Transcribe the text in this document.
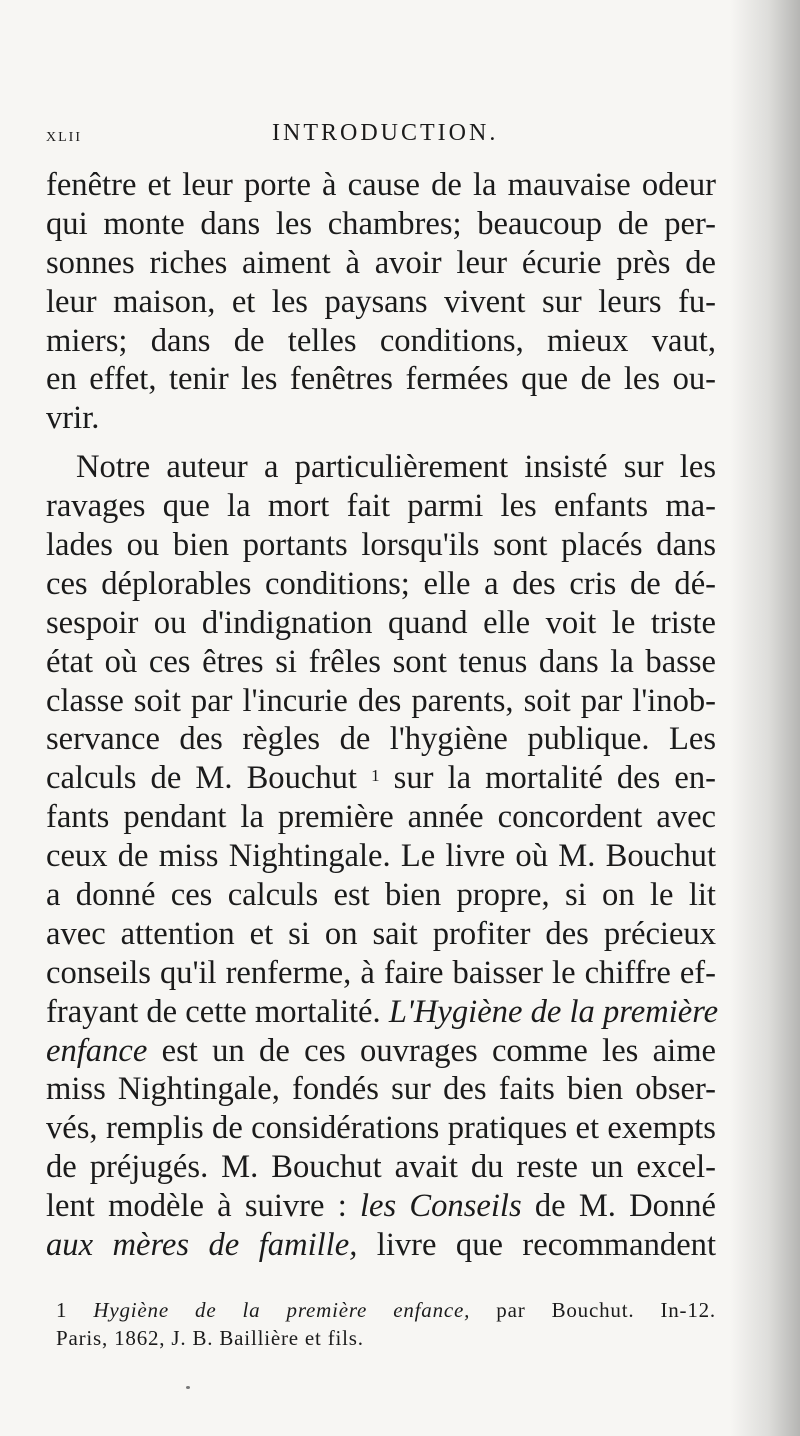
xlii	INTRODUCTION.
fenêtre et leur porte à cause de la mauvaise odeur
qui monte dans les chambres; beaucoup de per-
sonnes riches aiment à avoir leur écurie près de
leur maison, et les paysans vivent sur leurs fu-
miers; dans de telles conditions, mieux vaut,
en effet, tenir les fenêtres fermées que de les ou-
vrir.
Notre auteur a particulièrement insisté sur les
ravages que la mort fait parmi les enfants ma-
lades ou bien portants lorsqu'ils sont placés dans
ces déplorables conditions; elle a des cris de dé-
sespoir ou d'indignation quand elle voit le triste
état où ces êtres si frêles sont tenus dans la basse
classe soit par l'incurie des parents, soit par l'inob-
servance des règles de l'hygiène publique. Les
calculs de M. Bouchut $^1$ sur la mortalité des en-
fants pendant la première année concordent avec
ceux de miss Nightingale. Le livre où M. Bouchut
a donné ces calculs est bien propre, si on le lit
avec attention et si on sait profiter des précieux
conseils qu'il renferme, à faire baisser le chiffre ef-
frayant de cette mortalité. L'Hygiène de la première
enfance est un de ces ouvrages comme les aime
miss Nightingale, fondés sur des faits bien obser-
vés, remplis de considérations pratiques et exempts
de préjugés. M. Bouchut avait du reste un excel-
lent modèle à suivre : les Conseils de M. Donné
aux mères de famille, livre que recommandent
1 Hygiène de la première enfance, par Bouchut. In-12.
Paris, 1862, J. B. Baillière et fils.
